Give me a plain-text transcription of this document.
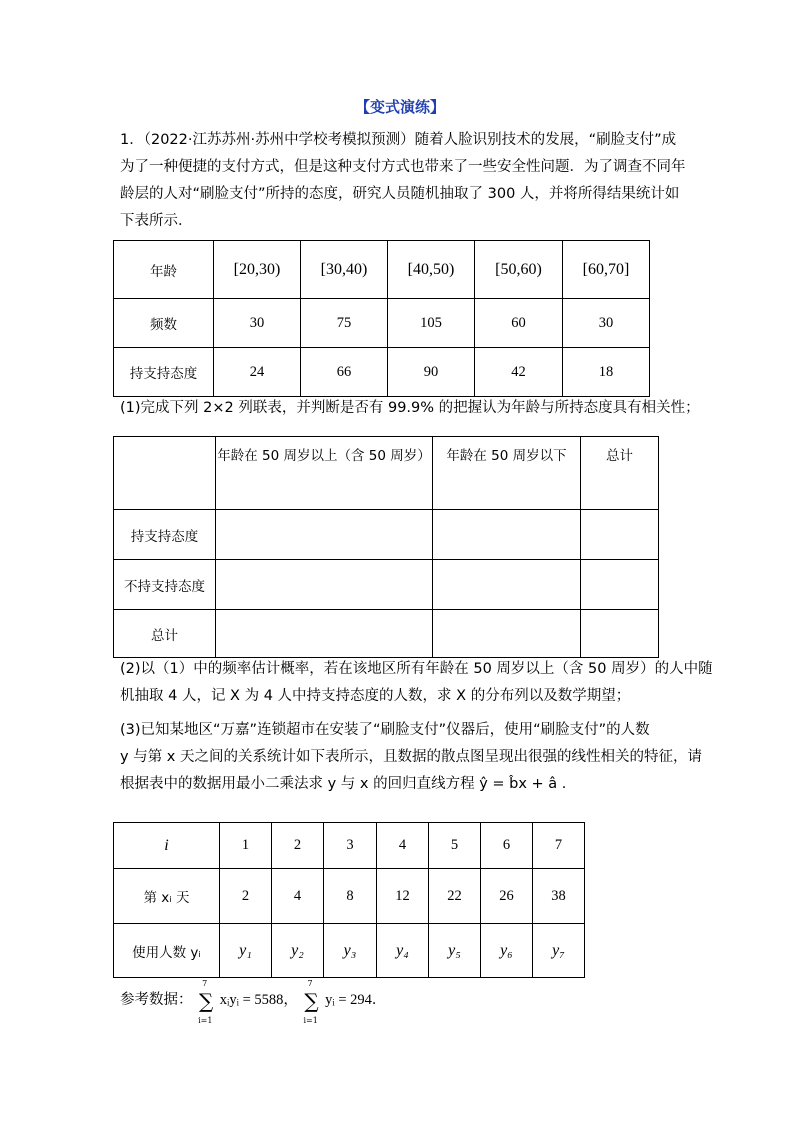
【变式演练】

1．（2022·江苏苏州·苏州中学校考模拟预测）随着人脸识别技术的发展，“刷脸支付”成

为了一种便捷的支付方式，但是这种支付方式也带来了一些安全性问题．为了调查不同年

龄层的人对“刷脸支付”所持的态度，研究人员随机抽取了 300 人，并将所得结果统计如

下表所示．

年龄	[20,30)	[30,40)	[40,50)	[50,60)	[60,70]
频数	30	75	105	60	30
持支持态度	24	66	90	42	18

(1)完成下列 2×2 列联表，并判断是否有 99.9% 的把握认为年龄与所持态度具有相关性；

	年龄在 50 周岁以上（含 50 周岁）	年龄在 50 周岁以下	总计
持支持态度			
不持支持态度			
总计			

(2)以（1）中的频率估计概率，若在该地区所有年龄在 50 周岁以上（含 50 周岁）的人中随

机抽取 4 人，记 X 为 4 人中持支持态度的人数，求 X 的分布列以及数学期望；

(3)已知某地区“万嘉”连锁超市在安装了“刷脸支付”仪器后，使用“刷脸支付”的人数

y 与第 x 天之间的关系统计如下表所示，且数据的散点图呈现出很强的线性相关的特征，请

根据表中的数据用最小二乘法求 y 与 x 的回归直线方程 ŷ = b̂x + â .

i	1	2	3	4	5	6	7
第 xᵢ 天	2	4	8	12	22	26	38
使用人数 yᵢ	y₁	y₂	y₃	y₄	y₅	y₆	y₇
参考数据： ∑
7
i=1
xᵢyᵢ = 5588， ∑
7
i=1
yᵢ = 294．
